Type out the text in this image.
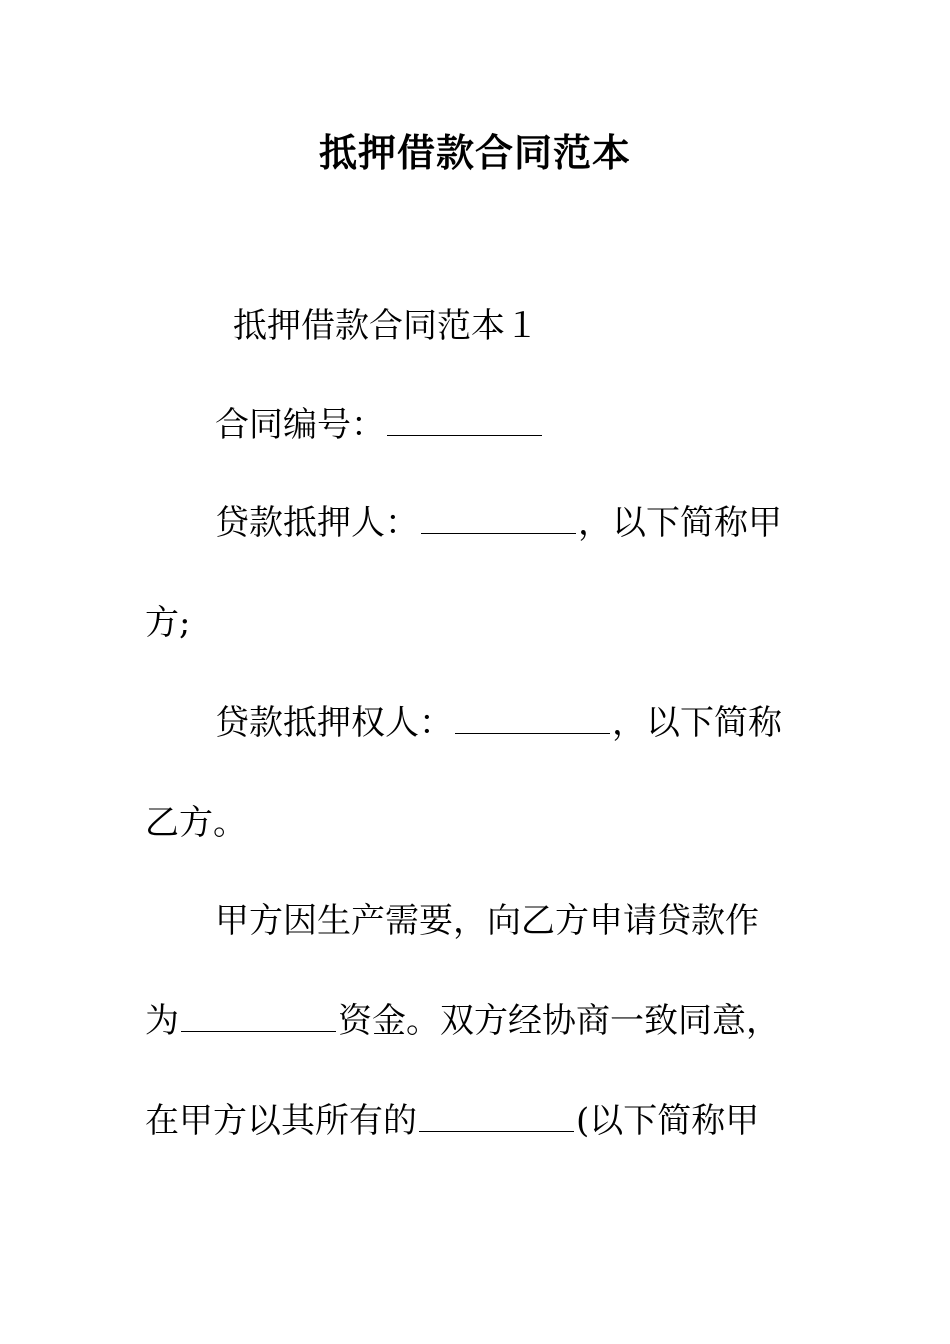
抵押借款合同范本
抵押借款合同范本１
合同编号：
贷款抵押人：	，以下简称甲
方;
贷款抵押权人：	，以下简称
乙方。
甲方因生产需要，向乙方申请贷款作
为	资金。双方经协商一致同意，
在甲方以其所有的	(以下简称甲
